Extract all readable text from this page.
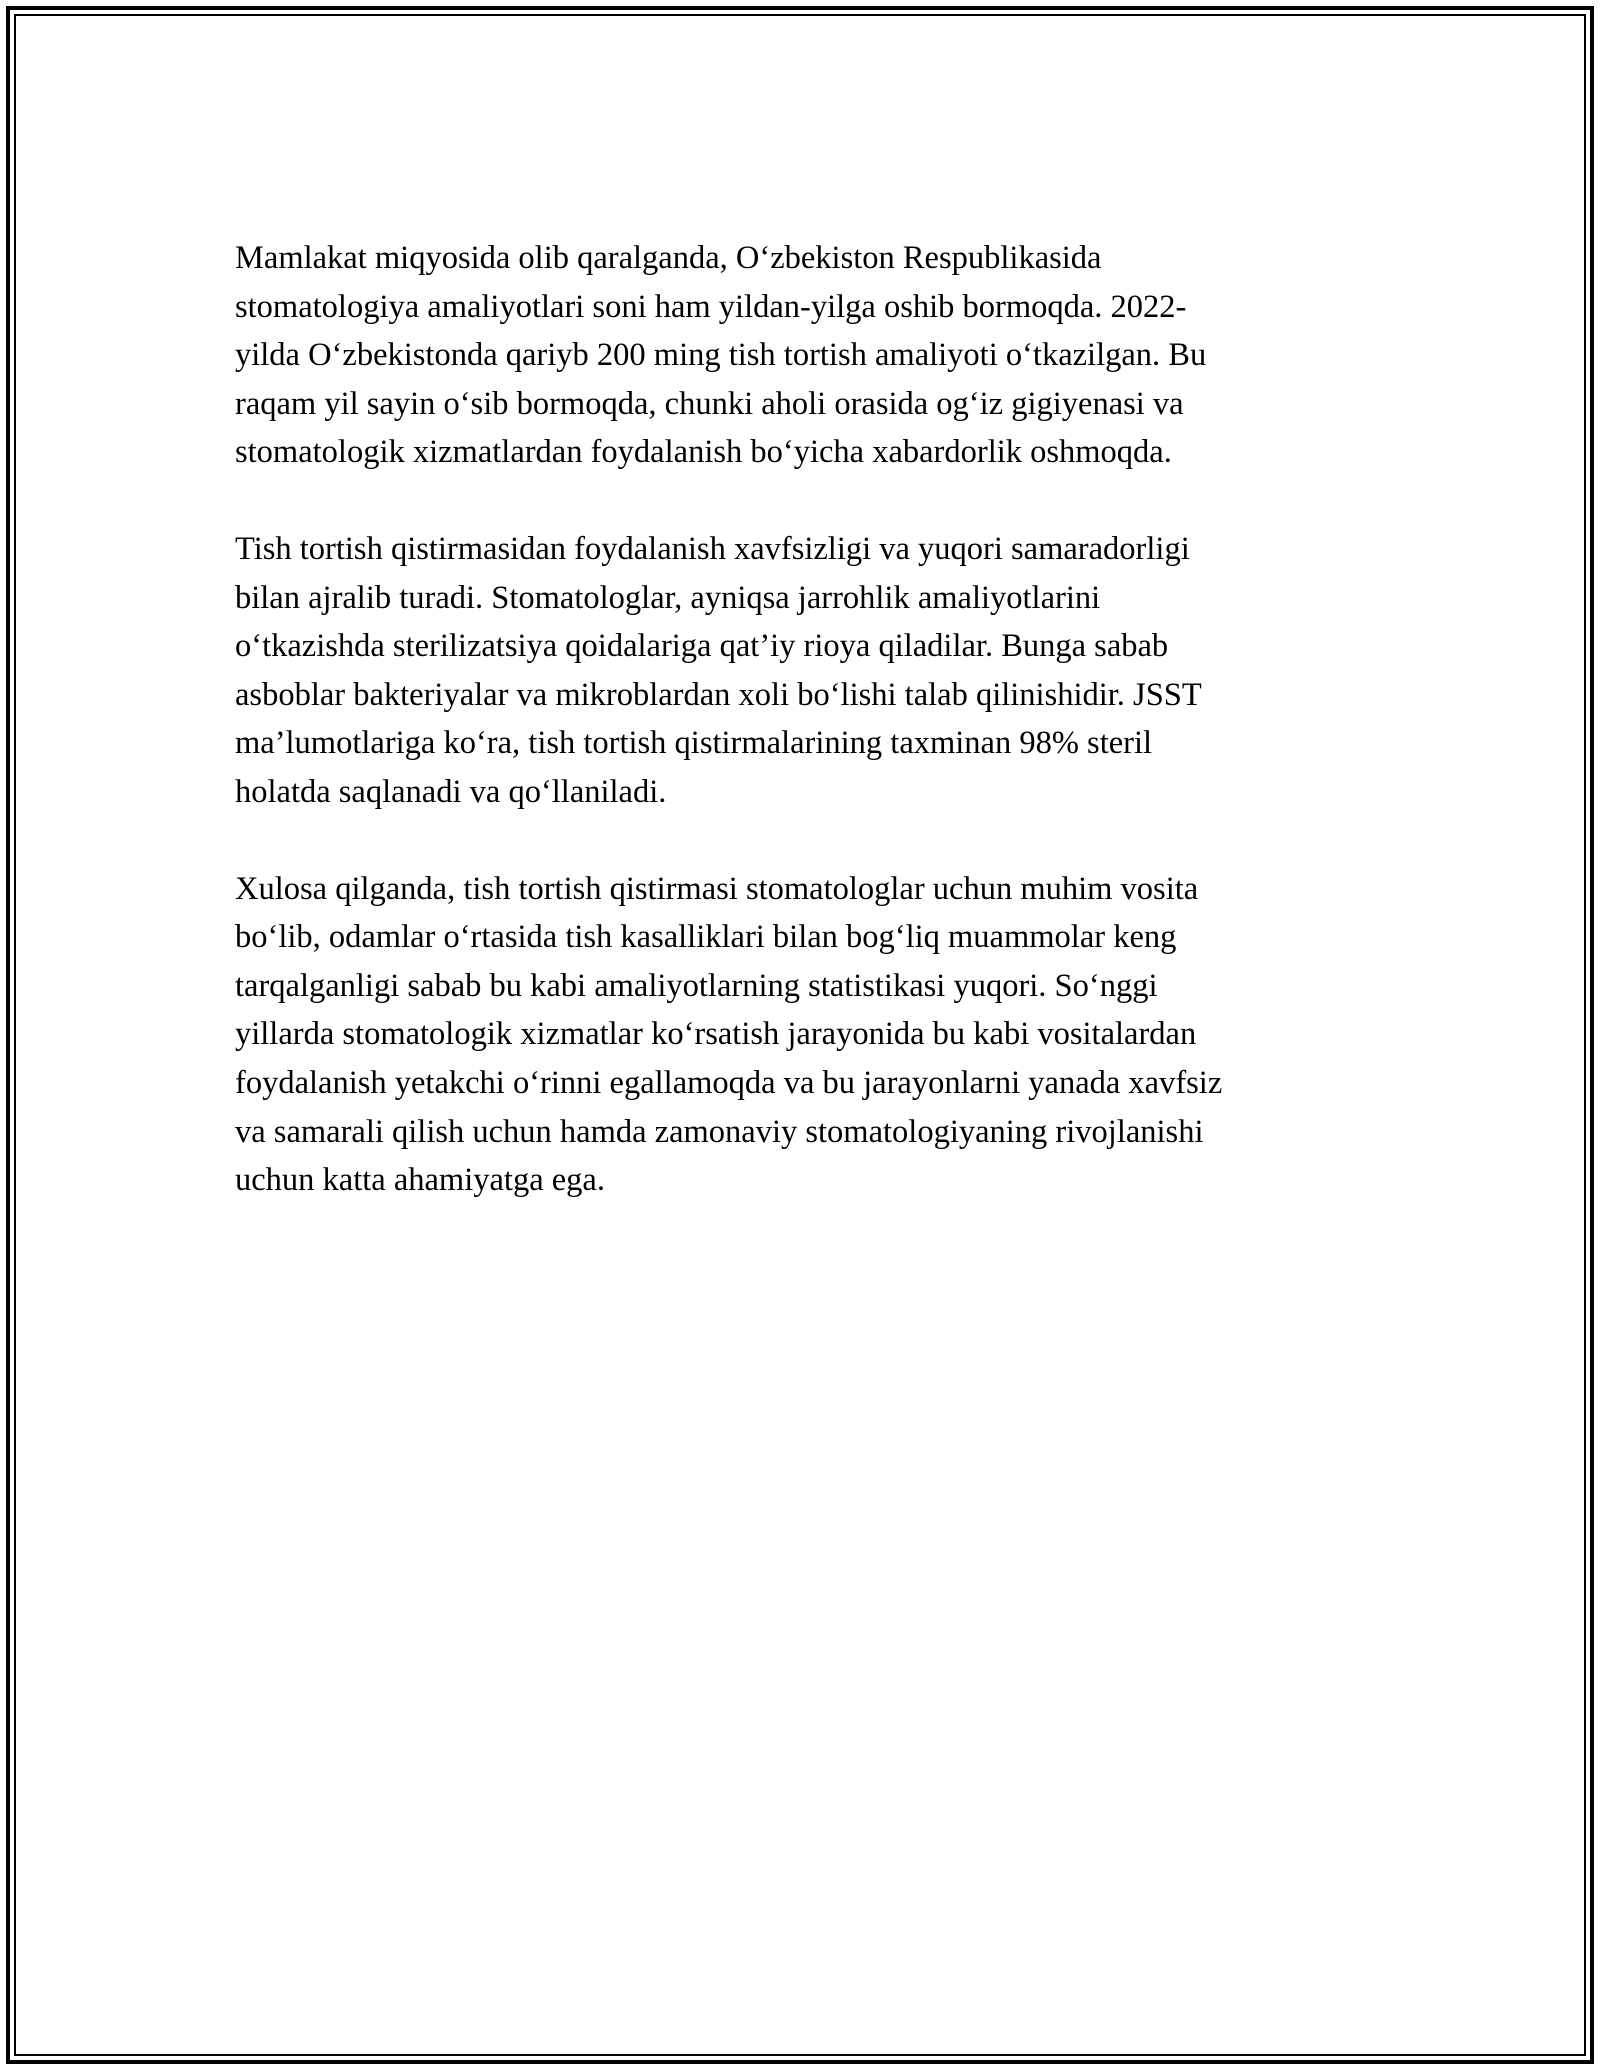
Mamlakat miqyosida olib qaralganda, O‘zbekiston Respublikasida
stomatologiya amaliyotlari soni ham yildan-yilga oshib bormoqda. 2022-
yilda O‘zbekistonda qariyb 200 ming tish tortish amaliyoti o‘tkazilgan. Bu
raqam yil sayin o‘sib bormoqda, chunki aholi orasida og‘iz gigiyenasi va
stomatologik xizmatlardan foydalanish bo‘yicha xabardorlik oshmoqda.

Tish tortish qistirmasidan foydalanish xavfsizligi va yuqori samaradorligi
bilan ajralib turadi. Stomatologlar, ayniqsa jarrohlik amaliyotlarini
o‘tkazishda sterilizatsiya qoidalariga qat’iy rioya qiladilar. Bunga sabab
asboblar bakteriyalar va mikroblardan xoli bo‘lishi talab qilinishidir. JSST
ma’lumotlariga ko‘ra, tish tortish qistirmalarining taxminan 98% steril
holatda saqlanadi va qo‘llaniladi.

Xulosa qilganda, tish tortish qistirmasi stomatologlar uchun muhim vosita
bo‘lib, odamlar o‘rtasida tish kasalliklari bilan bog‘liq muammolar keng
tarqalganligi sabab bu kabi amaliyotlarning statistikasi yuqori. So‘nggi
yillarda stomatologik xizmatlar ko‘rsatish jarayonida bu kabi vositalardan
foydalanish yetakchi o‘rinni egallamoqda va bu jarayonlarni yanada xavfsiz
va samarali qilish uchun hamda zamonaviy stomatologiyaning rivojlanishi
uchun katta ahamiyatga ega.
